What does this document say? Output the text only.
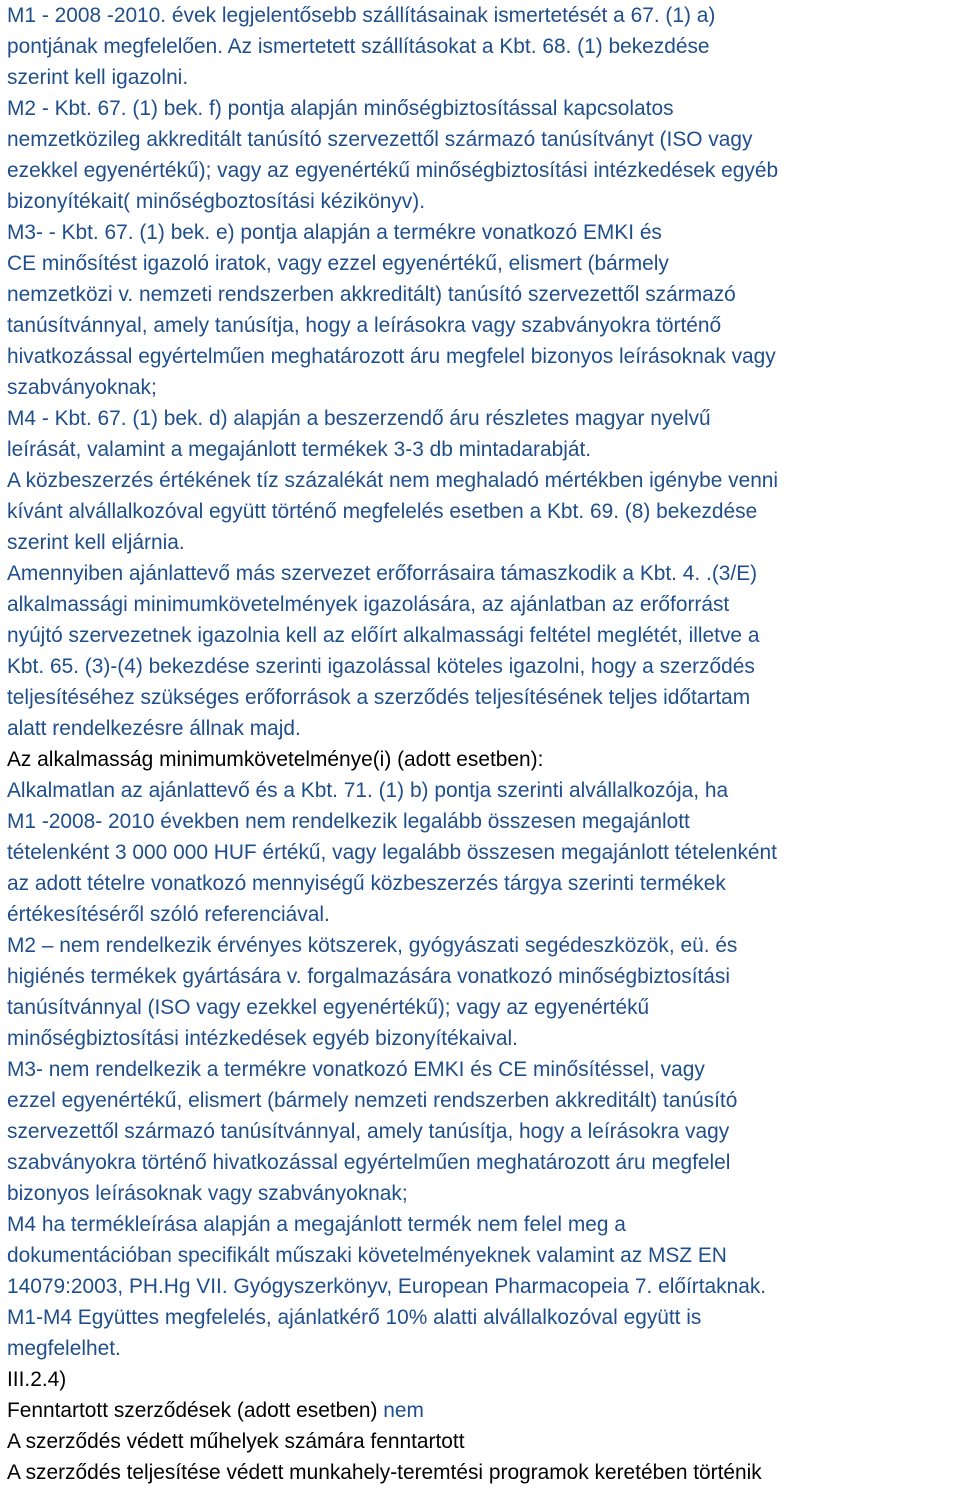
M1 - 2008 -2010. évek legjelentősebb szállításainak ismertetését a 67. (1) a)
pontjának megfelelően. Az ismertetett szállításokat a Kbt. 68. (1) bekezdése
szerint kell igazolni.
M2 - Kbt. 67. (1) bek. f) pontja alapján minőségbiztosítással kapcsolatos
nemzetközileg akkreditált tanúsító szervezettől származó tanúsítványt (ISO vagy
ezekkel egyenértékű); vagy az egyenértékű minőségbiztosítási intézkedések egyéb
bizonyítékait( minőségboztosítási kézikönyv).
M3- - Kbt. 67. (1) bek. e) pontja alapján a termékre vonatkozó EMKI és
CE minősítést igazoló iratok, vagy ezzel egyenértékű, elismert (bármely
nemzetközi v. nemzeti rendszerben akkreditált) tanúsító szervezettől származó
tanúsítvánnyal, amely tanúsítja, hogy a leírásokra vagy szabványokra történő
hivatkozással egyértelműen meghatározott áru megfelel bizonyos leírásoknak vagy
szabványoknak;
M4 - Kbt. 67. (1) bek. d) alapján a beszerzendő áru részletes magyar nyelvű
leírását, valamint a megajánlott termékek 3-3 db mintadarabját.
A közbeszerzés értékének tíz százalékát nem meghaladó mértékben igénybe venni
kívánt alvállalkozóval együtt történő megfelelés esetben a Kbt. 69. (8) bekezdése
szerint kell eljárnia.
Amennyiben ajánlattevő más szervezet erőforrásaira támaszkodik a Kbt. 4. .(3/E)
alkalmassági minimumkövetelmények igazolására, az ajánlatban az erőforrást
nyújtó szervezetnek igazolnia kell az előírt alkalmassági feltétel meglétét, illetve a
Kbt. 65. (3)-(4) bekezdése szerinti igazolással köteles igazolni, hogy a szerződés
teljesítéséhez szükséges erőforrások a szerződés teljesítésének teljes időtartam
alatt rendelkezésre állnak majd.
Az alkalmasság minimumkövetelménye(i) (adott esetben):
Alkalmatlan az ajánlattevő és a Kbt. 71. (1) b) pontja szerinti alvállalkozója, ha
M1 -2008- 2010 években nem rendelkezik legalább összesen megajánlott
tételenként 3 000 000 HUF értékű, vagy legalább összesen megajánlott tételenként
az adott tételre vonatkozó mennyiségű közbeszerzés tárgya szerinti termékek
értékesítéséről szóló referenciával.
M2 – nem rendelkezik érvényes kötszerek, gyógyászati segédeszközök, eü. és
higiénés termékek gyártására v. forgalmazására vonatkozó minőségbiztosítási
tanúsítvánnyal (ISO vagy ezekkel egyenértékű); vagy az egyenértékű
minőségbiztosítási intézkedések egyéb bizonyítékaival.
M3- nem rendelkezik a termékre vonatkozó EMKI és CE minősítéssel, vagy
ezzel egyenértékű, elismert (bármely nemzeti rendszerben akkreditált) tanúsító
szervezettől származó tanúsítvánnyal, amely tanúsítja, hogy a leírásokra vagy
szabványokra történő hivatkozással egyértelműen meghatározott áru megfelel
bizonyos leírásoknak vagy szabványoknak;
M4 ha termékleírása alapján a megajánlott termék nem felel meg a
dokumentációban specifikált műszaki követelményeknek valamint az MSZ EN
14079:2003, PH.Hg VII. Gyógyszerkönyv, European Pharmacopeia 7. előírtaknak.
M1-M4 Együttes megfelelés, ajánlatkérő 10% alatti alvállalkozóval együtt is
megfelelhet.
III.2.4)
Fenntartott szerződések (adott esetben) nem
A szerződés védett műhelyek számára fenntartott
A szerződés teljesítése védett munkahely-teremtési programok keretében történik
